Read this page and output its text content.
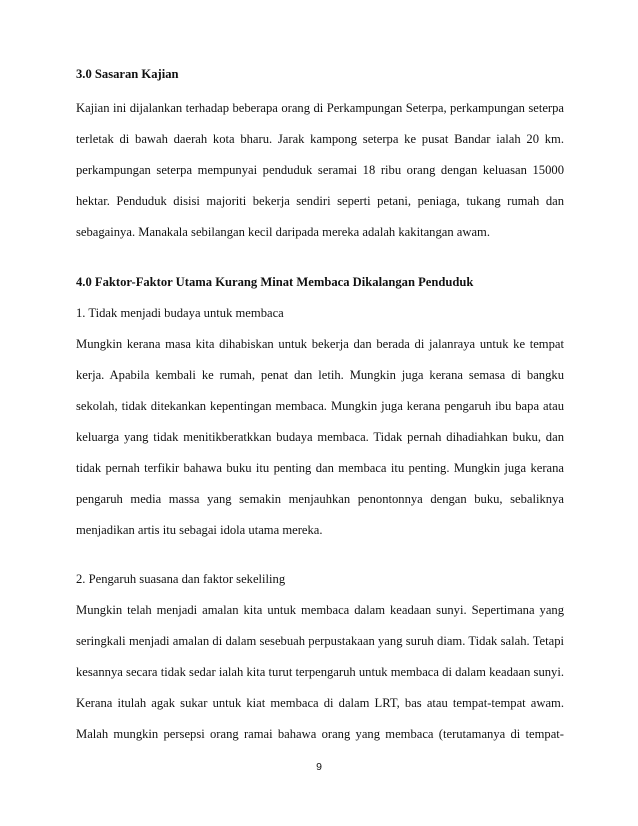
3.0 Sasaran Kajian
Kajian ini dijalankan terhadap beberapa orang di Perkampungan Seterpa, perkampungan seterpa
terletak di bawah daerah kota bharu. Jarak kampong seterpa ke pusat Bandar ialah 20 km.
perkampungan seterpa mempunyai penduduk seramai 18 ribu orang dengan keluasan 15000
hektar. Penduduk disisi majoriti bekerja sendiri seperti petani, peniaga, tukang rumah dan
sebagainya. Manakala sebilangan kecil daripada mereka adalah kakitangan awam.
4.0 Faktor-Faktor Utama Kurang Minat Membaca Dikalangan Penduduk
1. Tidak menjadi budaya untuk membaca
Mungkin kerana masa kita dihabiskan untuk bekerja dan berada di jalanraya untuk ke tempat
kerja. Apabila kembali ke rumah, penat dan letih. Mungkin juga kerana semasa di bangku
sekolah, tidak ditekankan kepentingan membaca. Mungkin juga kerana pengaruh ibu bapa atau
keluarga yang tidak menitikberatkkan budaya membaca. Tidak pernah dihadiahkan buku, dan
tidak pernah terfikir bahawa buku itu penting dan membaca itu penting. Mungkin juga kerana
pengaruh media massa yang semakin menjauhkan penontonnya dengan buku, sebaliknya
menjadikan artis itu sebagai idola utama mereka.
2. Pengaruh suasana dan faktor sekeliling
Mungkin telah menjadi amalan kita untuk membaca dalam keadaan sunyi. Sepertimana yang
seringkali menjadi amalan di dalam sesebuah perpustakaan yang suruh diam. Tidak salah. Tetapi
kesannya secara tidak sedar ialah kita turut terpengaruh untuk membaca di dalam keadaan sunyi.
Kerana itulah agak sukar untuk kiat membaca di dalam LRT, bas atau tempat-tempat awam.
Malah mungkin persepsi orang ramai bahawa orang yang membaca (terutamanya di tempat-
9
